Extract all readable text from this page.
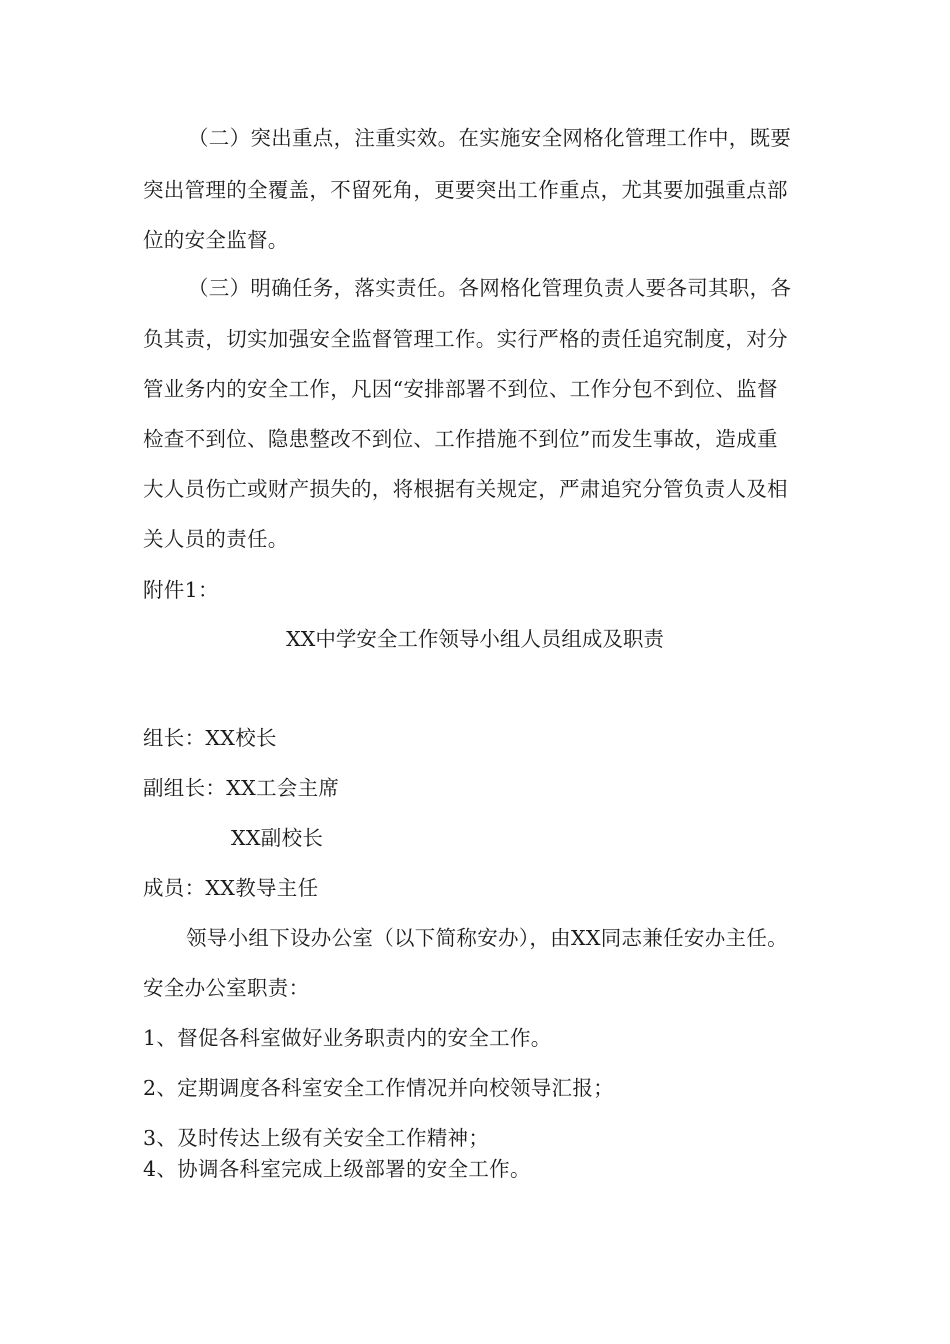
（二）突出重点，注重实效。在实施安全网格化管理工作中，既要
突出管理的全覆盖，不留死角，更要突出工作重点，尤其要加强重点部
位的安全监督。
（三）明确任务，落实责任。各网格化管理负责人要各司其职，各
负其责，切实加强安全监督管理工作。实行严格的责任追究制度，对分
管业务内的安全工作，凡因“安排部署不到位、工作分包不到位、监督
检查不到位、隐患整改不到位、工作措施不到位”而发生事故，造成重
大人员伤亡或财产损失的，将根据有关规定，严肃追究分管负责人及相
关人员的责任。
附件1：
XX中学安全工作领导小组人员组成及职责
组长：XX校长
副组长：XX工会主席
XX副校长
成员：XX教导主任
领导小组下设办公室（以下简称安办），由XX同志兼任安办主任。
安全办公室职责：
1、督促各科室做好业务职责内的安全工作。
2、定期调度各科室安全工作情况并向校领导汇报；
3、及时传达上级有关安全工作精神；
4、协调各科室完成上级部署的安全工作。
